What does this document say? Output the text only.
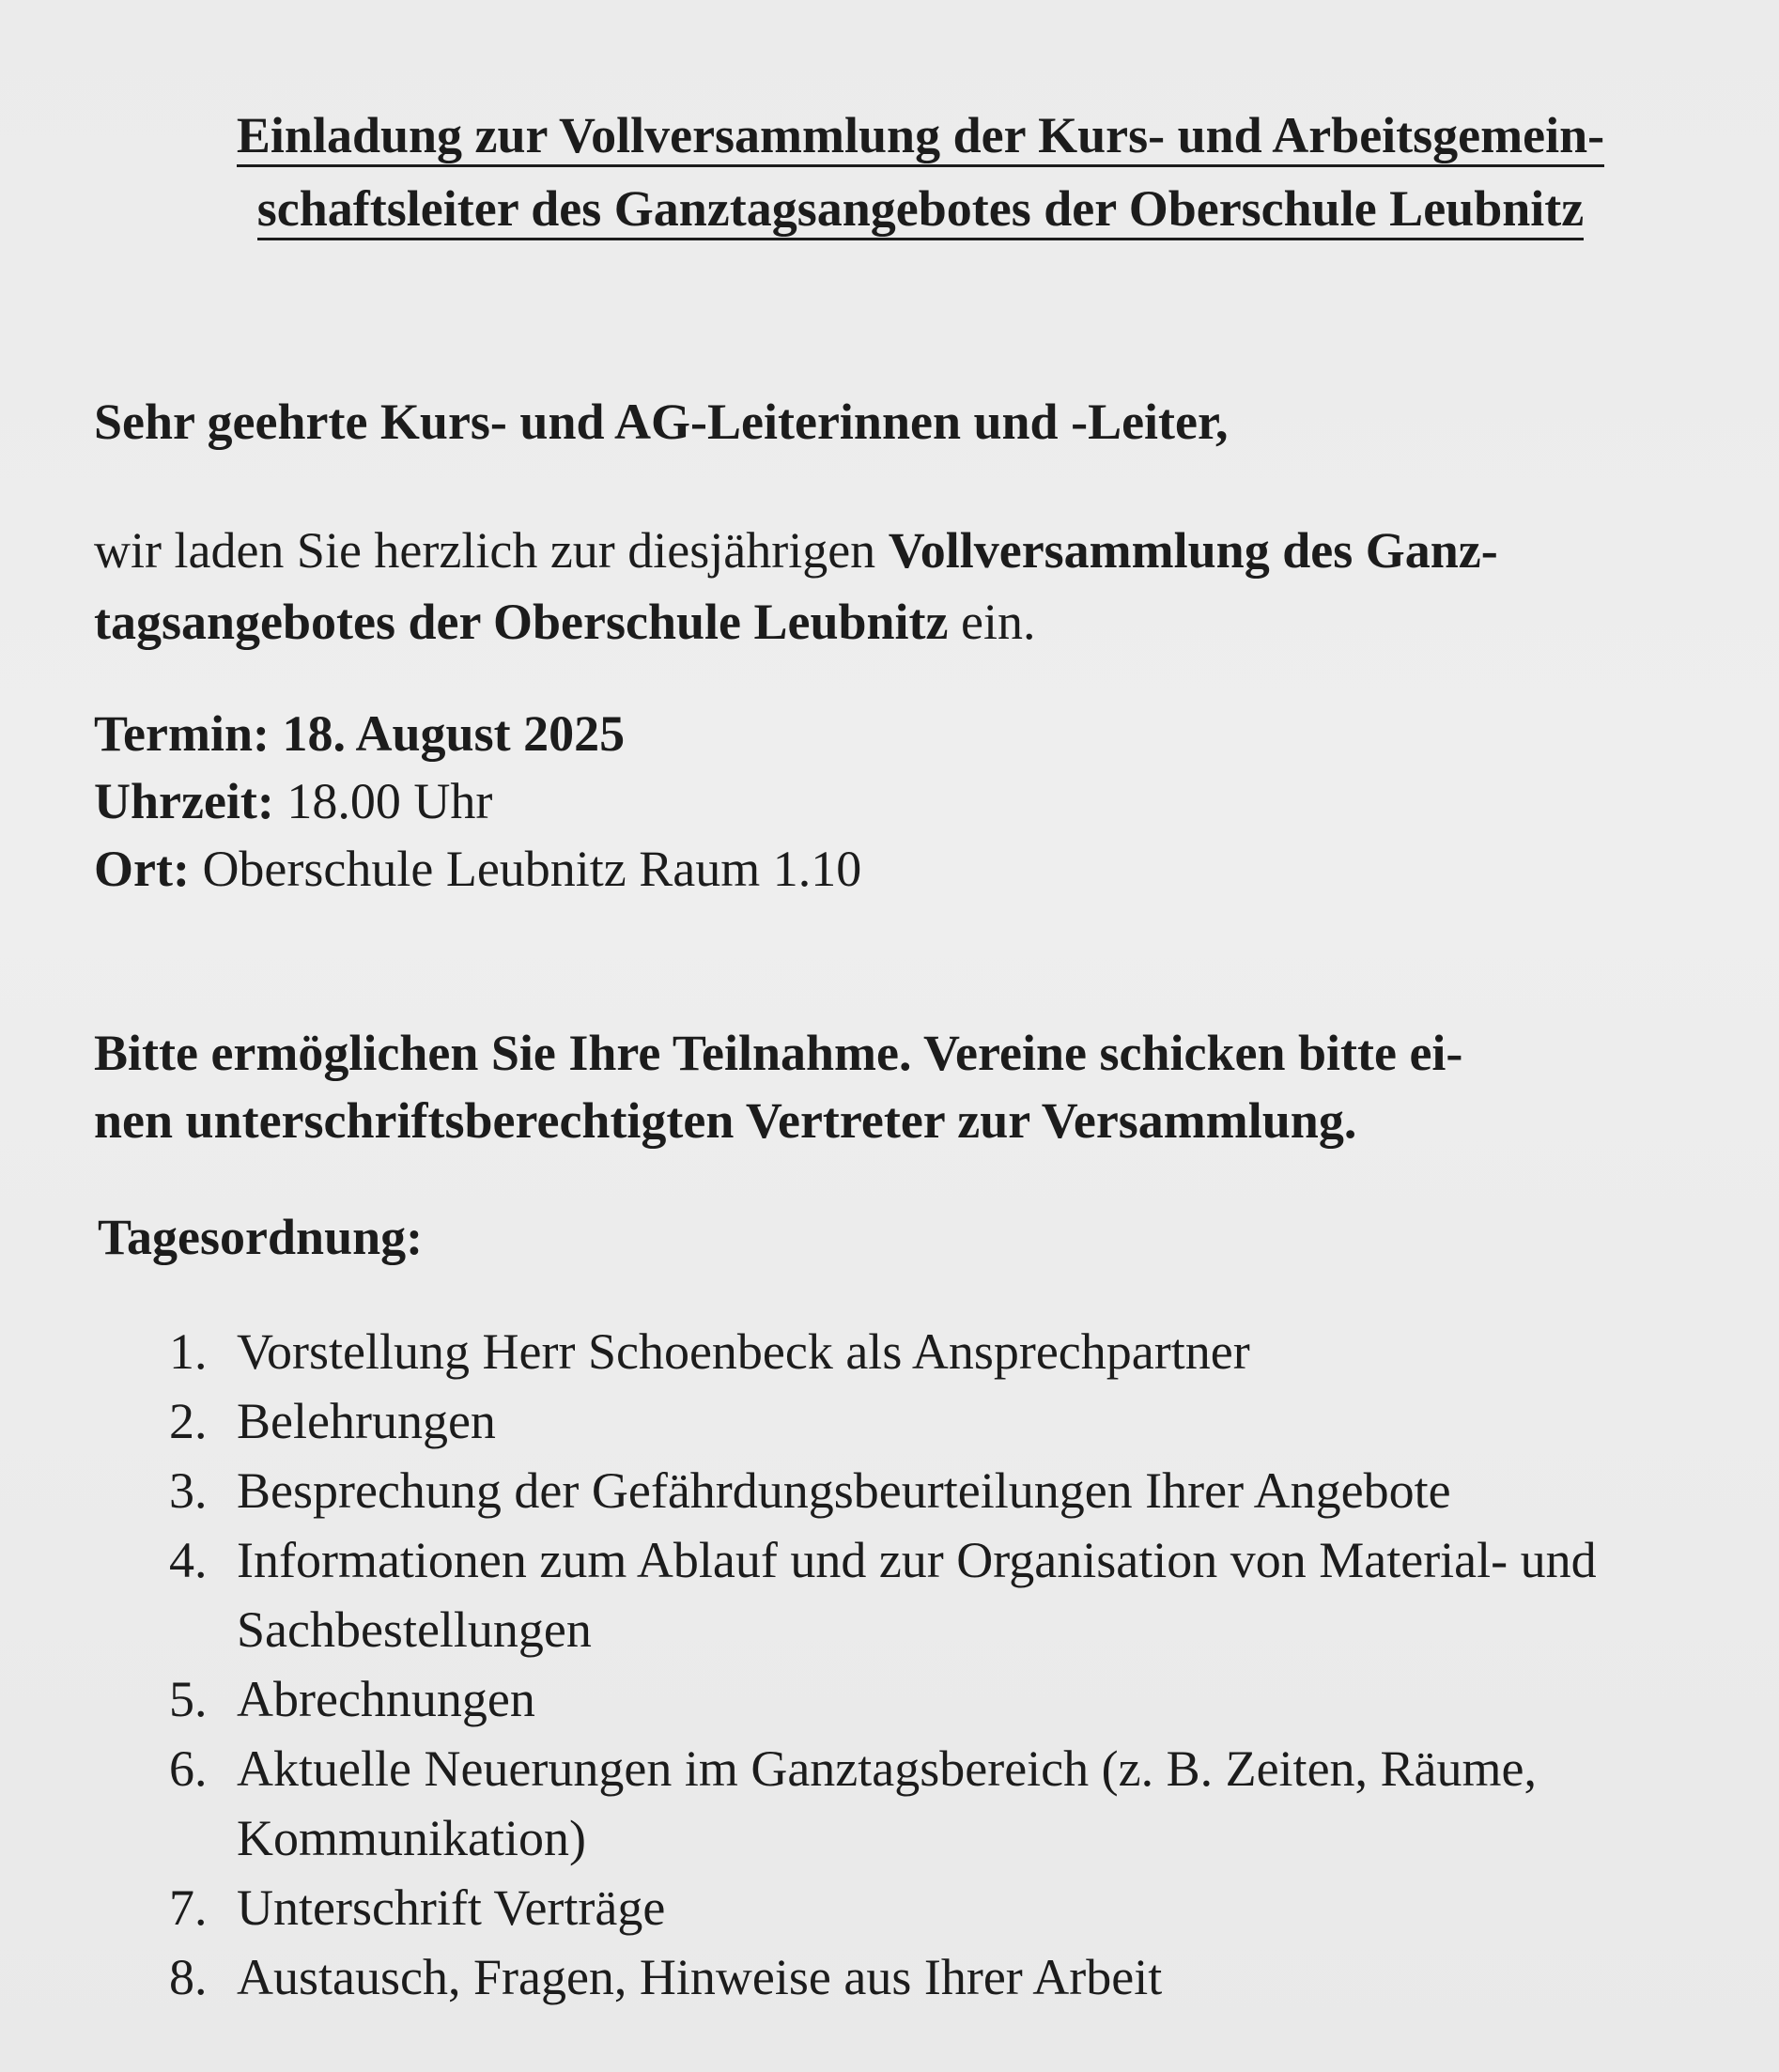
Einladung zur Vollversammlung der Kurs- und Arbeitsgemein-
schaftsleiter des Ganztagsangebotes der Oberschule Leubnitz

Sehr geehrte Kurs- und AG-Leiterinnen und -Leiter,

wir laden Sie herzlich zur diesjährigen Vollversammlung des Ganz-
tagsangebotes der Oberschule Leubnitz ein.

Termin: 18. August 2025
Uhrzeit: 18.00 Uhr
Ort: Oberschule Leubnitz Raum 1.10

Bitte ermöglichen Sie Ihre Teilnahme. Vereine schicken bitte ei-
nen unterschriftsberechtigten Vertreter zur Versammlung.

Tagesordnung:

1. Vorstellung Herr Schoenbeck als Ansprechpartner
2. Belehrungen
3. Besprechung der Gefährdungsbeurteilungen Ihrer Angebote
4. Informationen zum Ablauf und zur Organisation von Material- und Sachbestellungen
5. Abrechnungen
6. Aktuelle Neuerungen im Ganztagsbereich (z. B. Zeiten, Räume, Kommunikation)
7. Unterschrift Verträge
8. Austausch, Fragen, Hinweise aus Ihrer Arbeit
